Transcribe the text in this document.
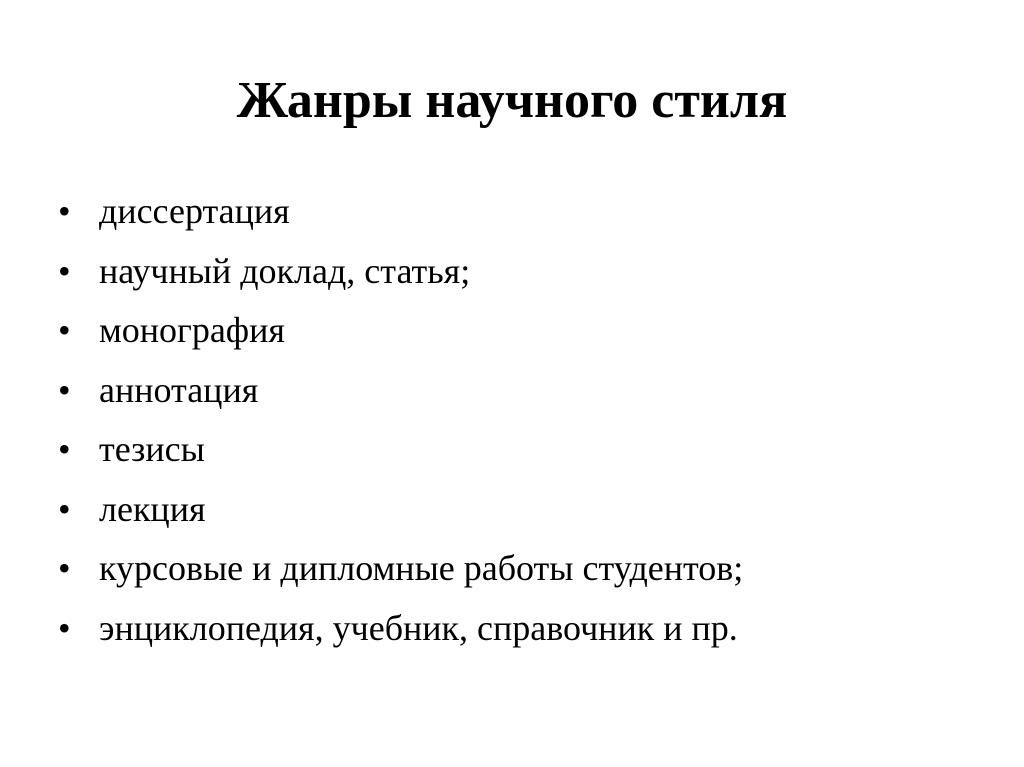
Жанры научного стиля
• диссертация
• научный доклад, статья;
• монография
• аннотация
• тезисы
• лекция
• курсовые и дипломные работы студентов;
• энциклопедия, учебник, справочник и пр.
